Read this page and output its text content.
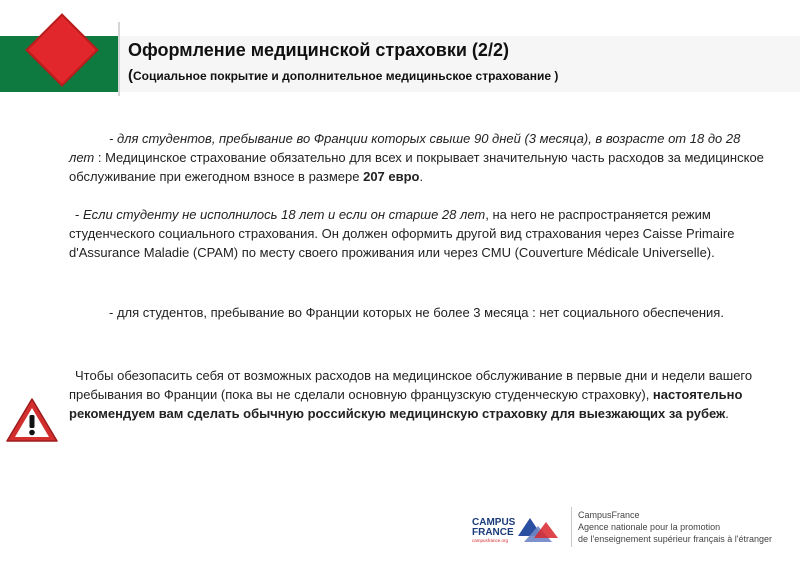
Оформление медицинской страховки (2/2)
(Социальное покрытие и дополнительное медициньское страхование )
- для студентов, пребывание во Франции которых свыше 90 дней (3 месяца), в возрасте от 18 до 28 лет : Медицинское страхование обязательно для всех и покрывает значительную часть расходов за медицинское обслуживание при ежегодном взносе в размере 207 евро.
- Если студенту не исполнилось 18 лет и если он старше 28 лет, на него не распространяется режим студенческого социального страхования. Он должен оформить другой вид страхования через Caisse Primaire d'Assurance Maladie (CPAM) по месту своего проживания или через CMU (Couverture Médicale Universelle).
- для студентов, пребывание во Франции которых не более 3 месяца : нет социального обеспечения.
Чтобы обезопасить себя от возможных расходов на медицинское обслуживание в первые дни и недели вашего пребывания во Франции (пока вы не сделали основную французскую студенческую страховку), настоятельно рекомендуем вам сделать обычную российскую медицинскую страховку для выезжающих за рубеж.
CAMPUS
FRANCE
campusfrance.org
CampusFrance
Agence nationale pour la promotion
de l'enseignement supérieur français à l'étranger
